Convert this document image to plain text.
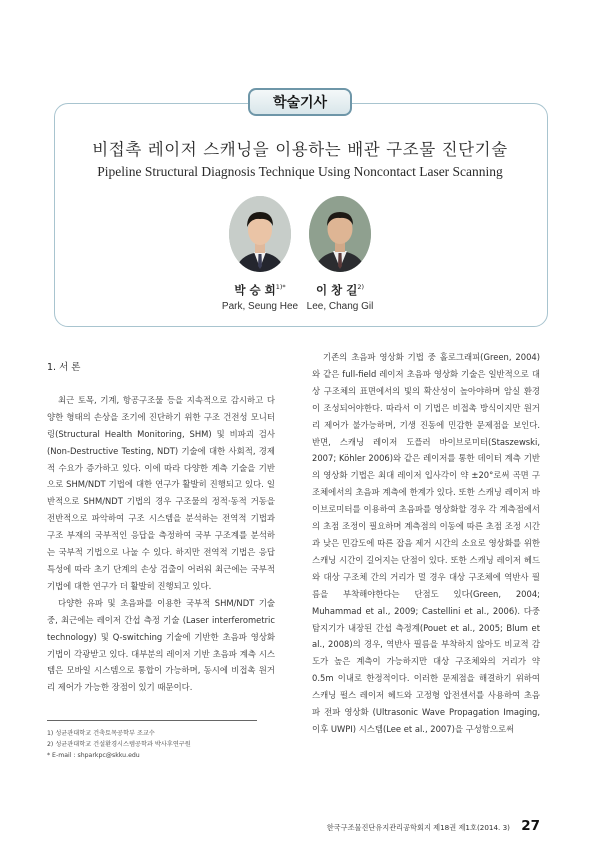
학술기사
비접촉 레이저 스캐닝을 이용하는 배관 구조물 진단기술
Pipeline Structural Diagnosis Technique Using Noncontact Laser Scanning
박 승 희$^{1)*}$
Park, Seung Hee
이 창 길$^{2)}$
Lee, Chang Gil
1. 서 론

최근 토목, 기계, 항공구조물 등을 지속적으로 감시하고 다양한 형태의 손상을 조기에 진단하기 위한 구조 건전성 모니터링(Structural Health Monitoring, SHM) 및 비파괴 검사(Non-Destructive Testing, NDT) 기술에 대한 사회적, 경제적 수요가 증가하고 있다. 이에 따라 다양한 계측 기술을 기반으로 SHM/NDT 기법에 대한 연구가 활발히 진행되고 있다. 일반적으로 SHM/NDT 기법의 경우 구조물의 정적·동적 거동을 전반적으로 파악하여 구조 시스템을 분석하는 전역적 기법과 구조 부재의 국부적인 응답을 측정하여 국부 구조계를 분석하는 국부적 기법으로 나눌 수 있다. 하지만 전역적 기법은 응답 특성에 따라 초기 단계의 손상 검출이 어려워 최근에는 국부적 기법에 대한 연구가 더 활발히 진행되고 있다.

다양한 유파 및 초음파를 이용한 국부적 SHM/NDT 기술 중, 최근에는 레이저 간섭 측정 기술 (Laser interferometric technology) 및 Q-switching 기술에 기반한 초음파 영상화 기법이 각광받고 있다. 대부분의 레이저 기반 초음파 계측 시스템은 모바일 시스템으로 통합이 가능하며, 동시에 비접촉 원거리 제어가 가능한 장점이 있기 때문이다.

기존의 초음파 영상화 기법 중 홀로그래피(Green, 2004)와 같은 full-field 레이저 초음파 영상화 기술은 일반적으로 대상 구조체의 표면에서의 빛의 확산성이 높아야하며 암실 환경이 조성되어야한다. 따라서 이 기법은 비접촉 방식이지만 원거리 제어가 불가능하며, 기생 진동에 민감한 문제점을 보인다. 반면, 스캐닝 레이저 도플러 바이브로미터(Staszewski, 2007; Köhler 2006)와 같은 레이저를 통한 데이터 계측 기반의 영상화 기법은 최대 레이저 입사각이 약 ±20°로써 곡면 구조체에서의 초음파 계측에 한계가 있다. 또한 스캐닝 레이저 바이브로미터를 이용하여 초음파를 영상화할 경우 각 계측점에서의 초점 조정이 필요하며 계측점의 이동에 따른 초점 조정 시간과 낮은 민감도에 따른 잡음 제거 시간의 소요로 영상화를 위한 스캐닝 시간이 길어지는 단점이 있다. 또한 스캐닝 레이저 헤드와 대상 구조체 간의 거리가 멀 경우 대상 구조체에 역반사 필름을 부착해야한다는 단점도 있다(Green, 2004; Muhammad et al., 2009; Castellini et al., 2006). 다중 탐지기가 내장된 간섭 측정계(Pouet et al., 2005; Blum et al., 2008)의 경우, 역반사 필름을 부착하지 않아도 비교적 감도가 높은 계측이 가능하지만 대상 구조체와의 거리가 약 0.5m 이내로 한정적이다. 이러한 문제점을 해결하기 위하여 스캐닝 펄스 레이저 헤드와 고정형 압전센서를 사용하여 초음파 전파 영상화 (Ultrasonic Wave Propagation Imaging, 이후 UWPI) 시스템(Lee et al., 2007)을 구성함으로써

1) 성균관대학교 건축토목공학부 조교수
2) 성균관대학교 건설환경시스템공학과 박사후연구원
* E-mail : shparkpc@skku.edu
한국구조물진단유지관리공학회지 제18권 제1호(2014. 3) 27
